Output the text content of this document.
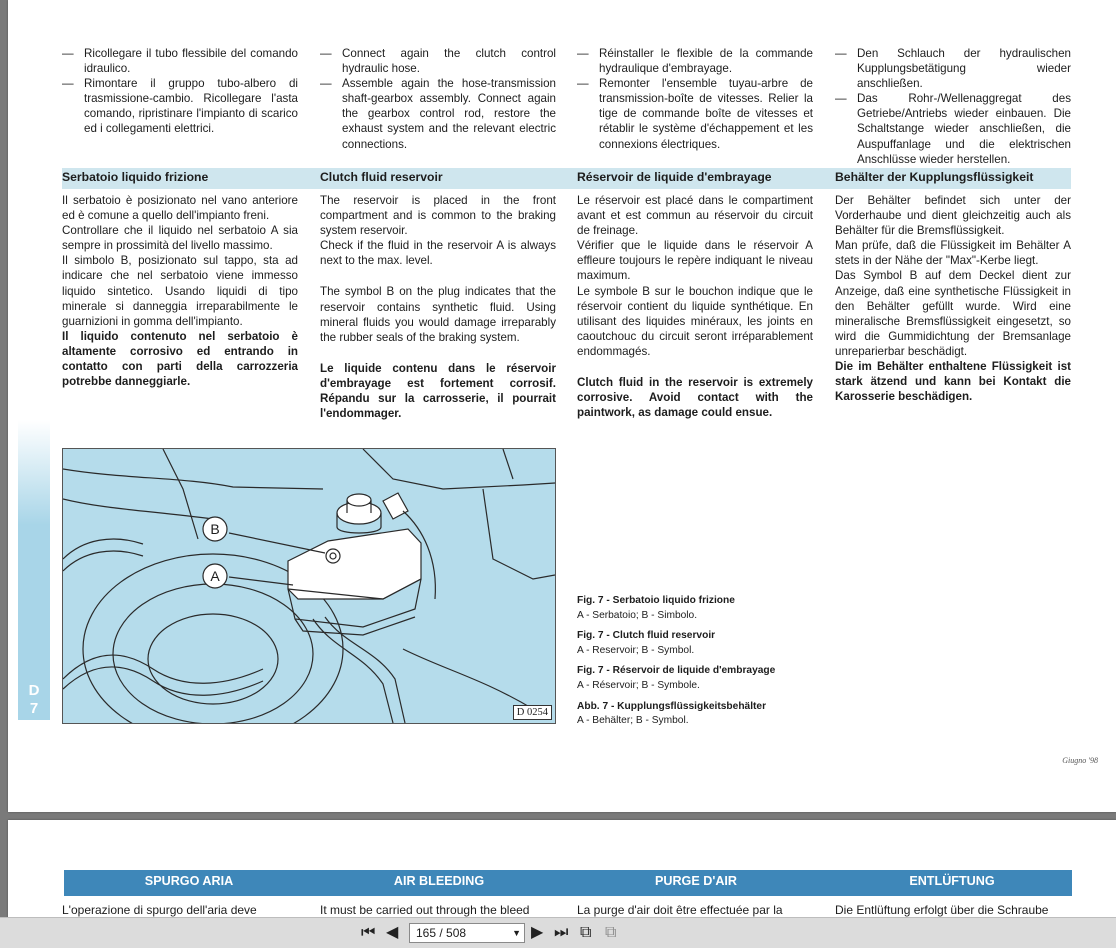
— Ricollegare il tubo flessibile del comando idraulico.

— Rimontare il gruppo tubo-albero di trasmissione-cambio. Ricollegare l'asta comando, ripristinare l'impianto di scarico ed i collegamenti elettrici.

— Connect again the clutch control hydraulic hose.

— Assemble again the hose-transmission shaft-gearbox assembly. Connect again the gearbox control rod, restore the exhaust system and the relevant electric connections.

— Réinstaller le flexible de la commande hydraulique d'embrayage.

— Remonter l'ensemble tuyau-arbre de transmission-boîte de vitesses. Relier la tige de commande boîte de vitesses et rétablir le système d'échappement et les connexions électriques.

— Den Schlauch der hydraulischen Kupplungsbetätigung wieder anschließen.

— Das Rohr-/Wellenaggregat des Getriebe/Antriebs wieder einbauen. Die Schaltstange wieder anschließen, die Auspuffanlage und die elektrischen Anschlüsse wieder herstellen.

Serbatoio liquido frizione	Clutch fluid reservoir	Réservoir de liquide d'embrayage	Behälter der Kupplungsflüssigkeit

Il serbatoio è posizionato nel vano anteriore ed è comune a quello dell'impianto freni.

Controllare che il liquido nel serbatoio A sia sempre in prossimità del livello massimo.

Il simbolo B, posizionato sul tappo, sta ad indicare che nel serbatoio viene immesso liquido sintetico. Usando liquidi di tipo minerale si danneggia irreparabilmente le guarnizioni in gomma dell'impianto.

Il liquido contenuto nel serbatoio è altamente corrosivo ed entrando in contatto con parti della carrozzeria potrebbe danneggiarle.

The reservoir is placed in the front compartment and is common to the braking system reservoir.

Check if the fluid in the reservoir A is always next to the max. level.

The symbol B on the plug indicates that the reservoir contains synthetic fluid. Using mineral fluids you would damage irreparably the rubber seals of the braking system.

Le liquide contenu dans le réservoir d'embrayage est fortement corrosif. Répandu sur la carrosserie, il pourrait l'endommager.

Le réservoir est placé dans le compartiment avant et est commun au réservoir du circuit de freinage.

Vérifier que le liquide dans le réservoir A effleure toujours le repère indiquant le niveau maximum.

Le symbole B sur le bouchon indique que le réservoir contient du liquide synthétique. En utilisant des liquides minéraux, les joints en caoutchouc du circuit seront irréparablement endommagés.

Clutch fluid in the reservoir is extremely corrosive. Avoid contact with the paintwork, as damage could ensue.

Der Behälter befindet sich unter der Vorderhaube und dient gleichzeitig auch als Behälter für die Bremsflüssigkeit.

Man prüfe, daß die Flüssigkeit im Behälter A stets in der Nähe der "Max"-Kerbe liegt.

Das Symbol B auf dem Deckel dient zur Anzeige, daß eine synthetische Flüssigkeit in den Behälter gefüllt wurde. Wird eine mineralische Bremsflüssigkeit eingesetzt, so wird die Gummidichtung der Bremsanlage unreparierbar beschädigt.

Die im Behälter enthaltene Flüssigkeit ist stark ätzend und kann bei Kontakt die Karosserie beschädigen.

D
7
B
A
D 0254
Fig. 7 - Serbatoio liquido frizione
A - Serbatoio; B - Simbolo.
Fig. 7 - Clutch fluid reservoir
A - Reservoir; B - Symbol.
Fig. 7 - Réservoir de liquide d'embrayage
A - Réservoir; B - Symbole.
Abb. 7 - Kupplungsflüssigkeitsbehälter
A - Behälter; B - Symbol.
Giugno '98
SPURGO ARIA	AIR BLEEDING	PURGE D'AIR	ENTLÜFTUNG
L'operazione di spurgo dell'aria deve	It must be carried out through the bleed	La purge d'air doit être effectuée par la	Die Entlüftung erfolgt über die Schraube
⏮ ◀ 165 / 508	▼ ▶ ⏭ ⧉ ⧉
